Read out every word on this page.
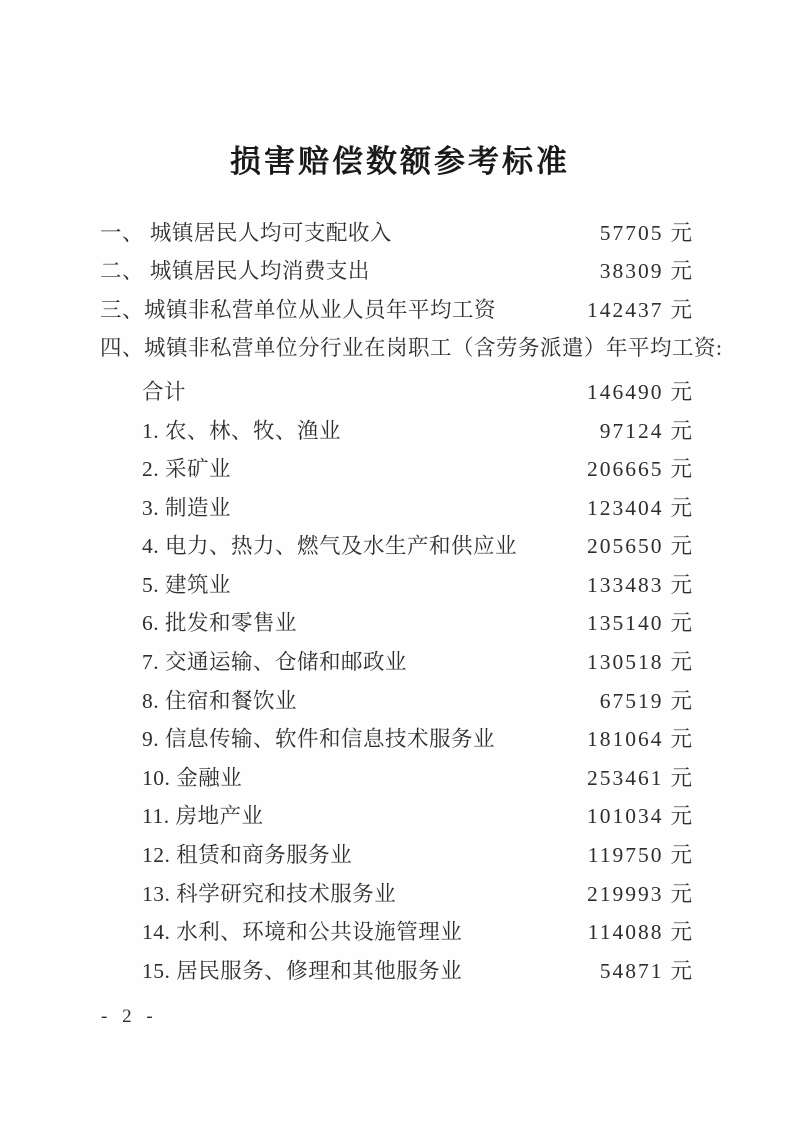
损害赔偿数额参考标准
一、 城镇居民人均可支配收入	57705 元
二、 城镇居民人均消费支出	38309 元
三、城镇非私营单位从业人员年平均工资	142437 元
四、城镇非私营单位分行业在岗职工（含劳务派遣）年平均工资:
合计	146490 元
1. 农、林、牧、渔业	97124 元
2. 采矿业	206665 元
3. 制造业	123404 元
4. 电力、热力、燃气及水生产和供应业	205650 元
5. 建筑业	133483 元
6. 批发和零售业	135140 元
7. 交通运输、仓储和邮政业	130518 元
8. 住宿和餐饮业	67519 元
9. 信息传输、软件和信息技术服务业	181064 元
10. 金融业	253461 元
11. 房地产业	101034 元
12. 租赁和商务服务业	119750 元
13. 科学研究和技术服务业	219993 元
14. 水利、环境和公共设施管理业	114088 元
15. 居民服务、修理和其他服务业	54871 元
- 2 -
